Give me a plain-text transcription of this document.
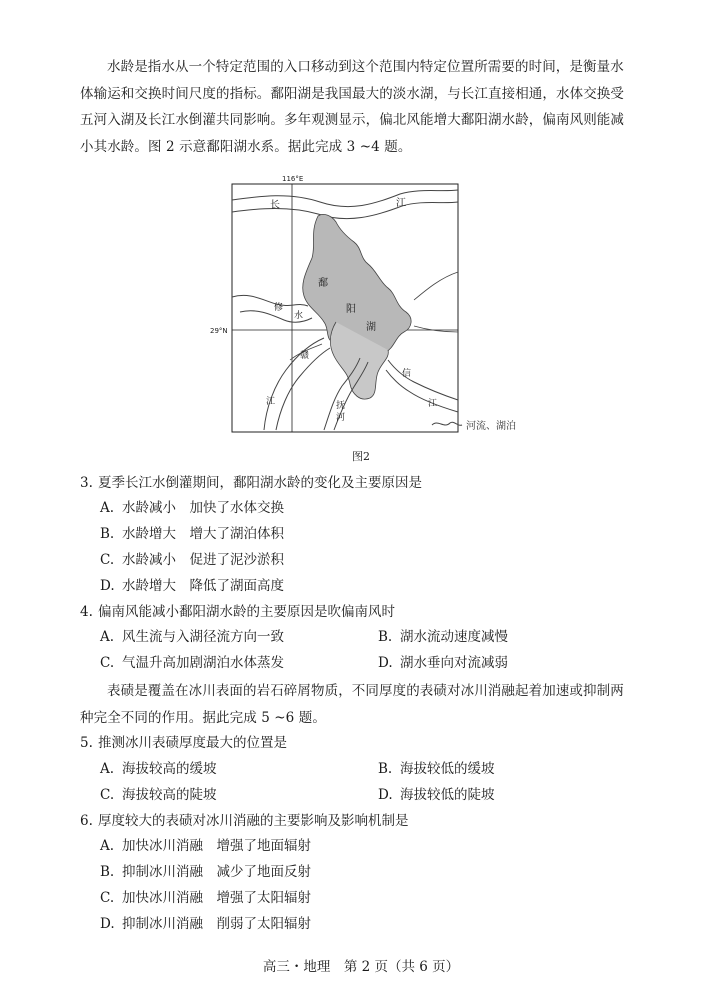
水龄是指水从一个特定范围的入口移动到这个范围内特定位置所需要的时间，是衡量水
体输运和交换时间尺度的指标。鄱阳湖是我国最大的淡水湖，与长江直接相通，水体交换受
五河入湖及长江水倒灌共同影响。多年观测显示，偏北风能增大鄱阳湖水龄，偏南风则能减
小其水龄。图 2 示意鄱阳湖水系。据此完成 3 ~4 题。
116°E
29°N
长	江
鄱
阳
湖
修
水
赣
江	抚
河
信
江
河流、湖泊
图2
3. 夏季长江水倒灌期间，鄱阳湖水龄的变化及主要原因是
A. 水龄减小　加快了水体交换
B. 水龄增大　增大了湖泊体积
C. 水龄减小　促进了泥沙淤积
D. 水龄增大　降低了湖面高度
4. 偏南风能减小鄱阳湖水龄的主要原因是吹偏南风时
A. 风生流与入湖径流方向一致	B. 湖水流动速度减慢
C. 气温升高加剧湖泊水体蒸发	D. 湖水垂向对流减弱
表碛是覆盖在冰川表面的岩石碎屑物质，不同厚度的表碛对冰川消融起着加速或抑制两
种完全不同的作用。据此完成 5 ~6 题。
5. 推测冰川表碛厚度最大的位置是
A. 海拔较高的缓坡	B. 海拔较低的缓坡
C. 海拔较高的陡坡	D. 海拔较低的陡坡
6. 厚度较大的表碛对冰川消融的主要影响及影响机制是
A. 加快冰川消融　增强了地面辐射
B. 抑制冰川消融　减少了地面反射
C. 加快冰川消融　增强了太阳辐射
D. 抑制冰川消融　削弱了太阳辐射
高三・地理　第 2 页（共 6 页）
